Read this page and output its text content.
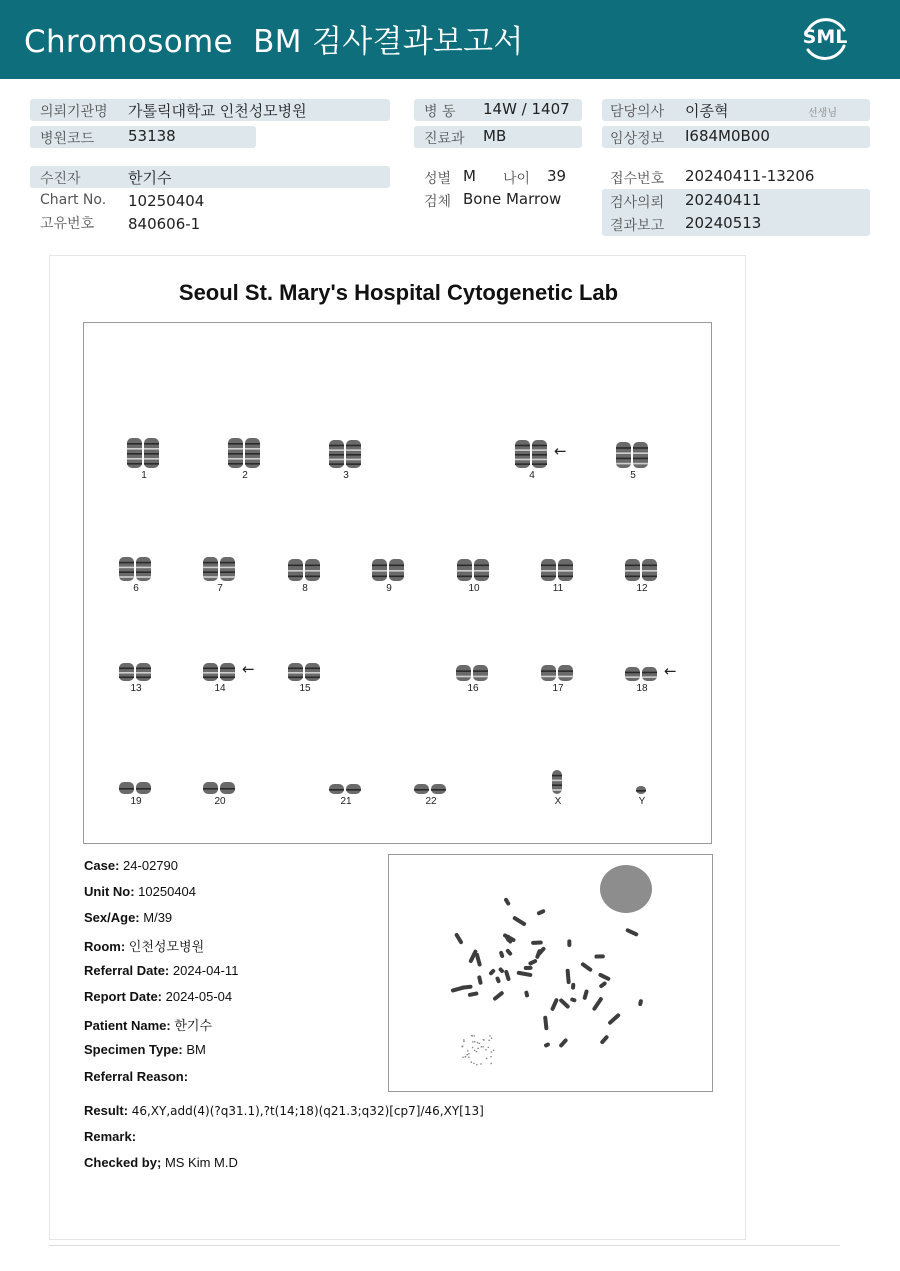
Chromosome  BM 검사결과보고서	SML
의뢰기관명 가톨릭대학교 인천성모병원
병원코드 53138
병 동 14W / 1407
진료과 MB
담당의사 이종혁	선생님
임상정보 I684M0B00
수진자	한기수
Chart No. 10250404
고유번호 840606-1
성별 M 나이 39
검체 Bone Marrow
접수번호 20240411-13206
검사의뢰 20240411
결과보고 20240513
Seoul St. Mary's Hospital Cytogenetic Lab
1	2	3	4
←
5
6	7	8	9	10	11	12
13	14
←
15	16	17	18
←
19	20	21	22	X	Y
Case: 24-02790
Unit No: 10250404
Sex/Age: M/39
Room: 인천성모병원
Referral Date: 2024-04-11
Report Date: 2024-05-04
Patient Name: 한기수
Specimen Type: BM
Referral Reason:
Result: 46,XY,add(4)(?q31.1),?t(14;18)(q21.3;q32)[cp7]/46,XY[13]
Remark:
Checked by; MS Kim M.D
